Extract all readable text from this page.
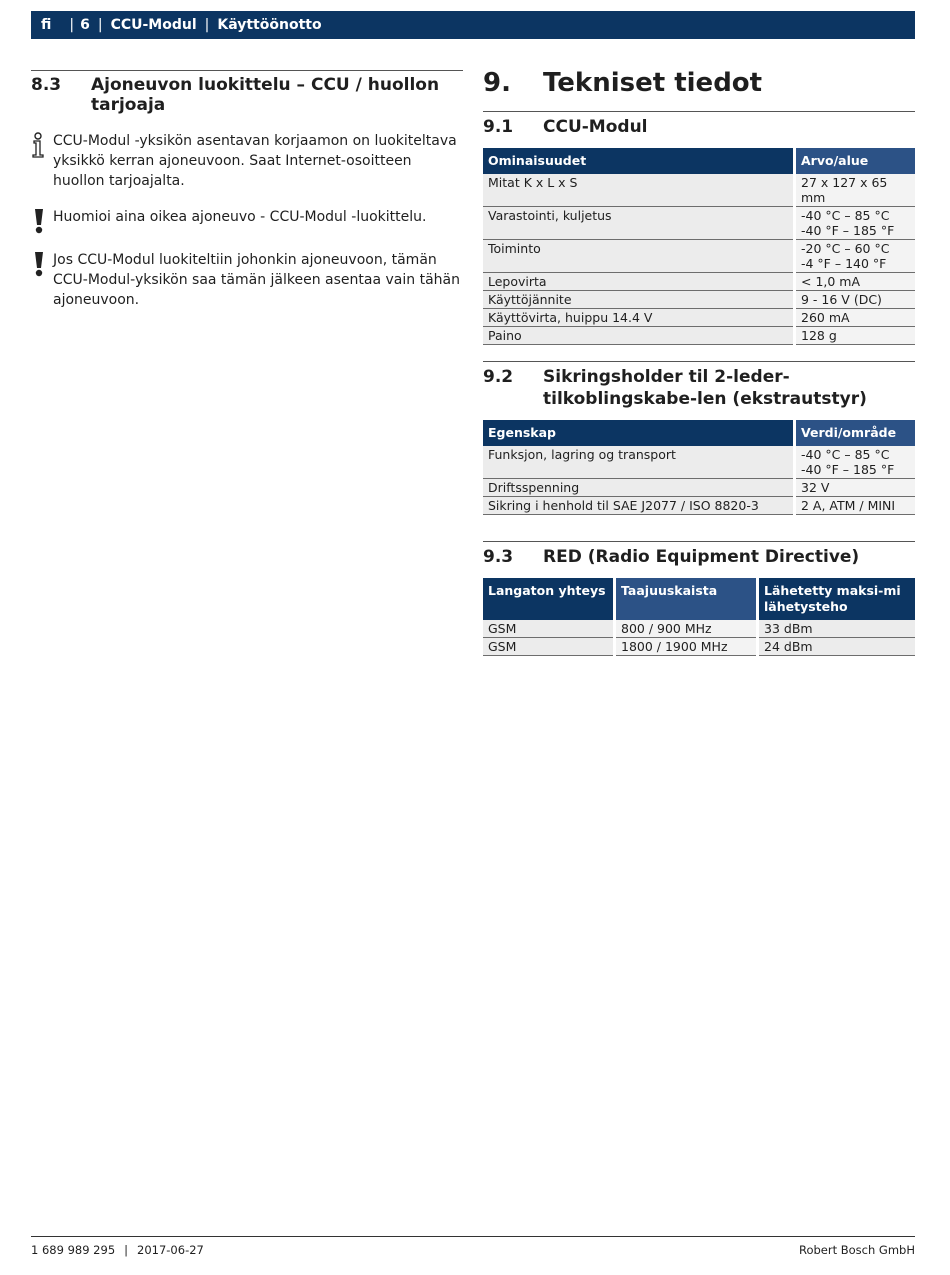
fi | 6 | CCU-Modul | Käyttöönotto
8.3	Ajoneuvon luokittelu – CCU / huollon tarjoaja
CCU-Modul -yksikön asentavan korjaamon on luokiteltava yksikkö kerran ajoneuvoon. Saat Internet-osoitteen huollon tarjoajalta.
Huomioi aina oikea ajoneuvo - CCU-Modul -luokittelu.
Jos CCU-Modul luokiteltiin johonkin ajoneuvoon, tämän CCU-Modul-yksikön saa tämän jälkeen asentaa vain tähän ajoneuvoon.
9.	Tekniset tiedot
9.1	CCU-Modul
Ominaisuudet	Arvo/alue
Mitat K x L x S	27 x 127 x 65 mm
Varastointi, kuljetus	-40 °C – 85 °C
-40 °F – 185 °F
Toiminto	-20 °C – 60 °C
-4 °F – 140 °F
Lepovirta	< 1,0 mA
Käyttöjännite	9 - 16 V (DC)
Käyttövirta, huippu 14.4 V	260 mA
Paino	128 g
9.2	Sikringsholder til 2-leder-tilkoblingskabe-len (ekstrautstyr)
Egenskap	Verdi/område
Funksjon, lagring og transport	-40 °C – 85 °C
-40 °F – 185 °F
Driftsspenning	32 V
Sikring i henhold til SAE J2077 / ISO 8820-3	2 A, ATM / MINI
9.3	RED (Radio Equipment Directive)
Langaton yhteys	Taajuuskaista	Lähetetty maksi-mi lähetysteho
GSM	800 / 900 MHz	33 dBm
GSM	1800 / 1900 MHz	24 dBm
1 689 989 295 | 2017-06-27	Robert Bosch GmbH
